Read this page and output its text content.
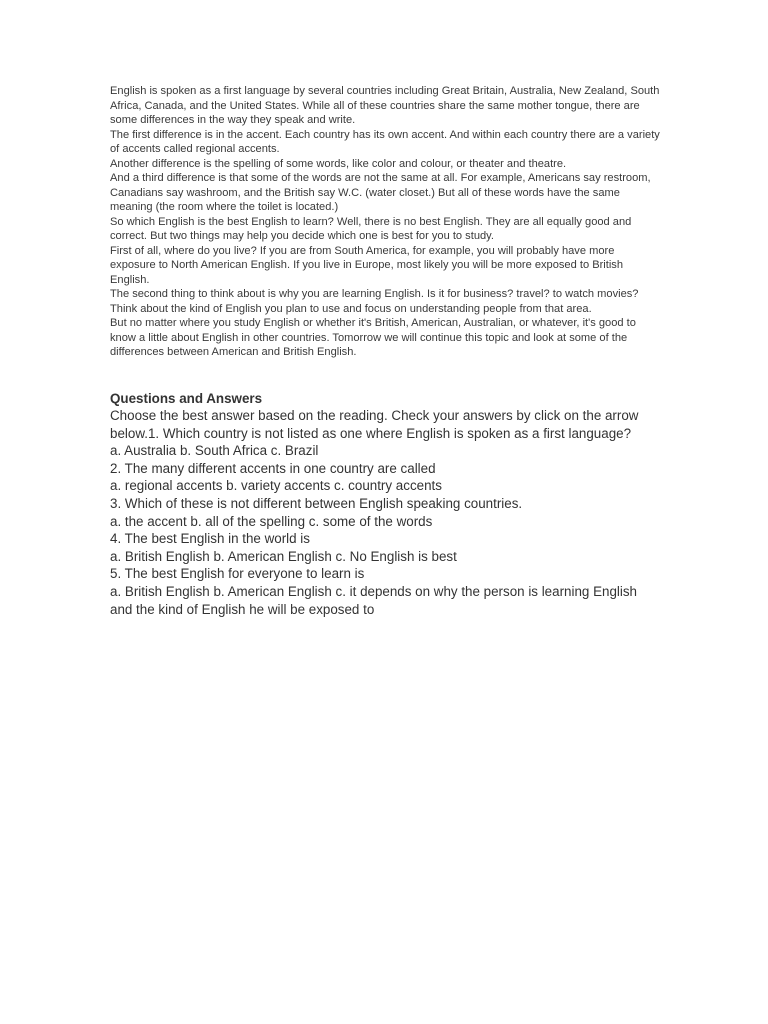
English is spoken as a first language by several countries including Great Britain, Australia, New Zealand, South Africa, Canada, and the United States. While all of these countries share the same mother tongue, there are some differences in the way they speak and write.

The first difference is in the accent. Each country has its own accent. And within each country there are a variety of accents called regional accents.

Another difference is the spelling of some words, like color and colour, or theater and theatre.

And a third difference is that some of the words are not the same at all. For example, Americans say restroom, Canadians say washroom, and the British say W.C. (water closet.) But all of these words have the same meaning (the room where the toilet is located.)

So which English is the best English to learn? Well, there is no best English. They are all equally good and correct. But two things may help you decide which one is best for you to study.

First of all, where do you live? If you are from South America, for example, you will probably have more exposure to North American English. If you live in Europe, most likely you will be more exposed to British English.

The second thing to think about is why you are learning English. Is it for business? travel? to watch movies? Think about the kind of English you plan to use and focus on understanding people from that area.

But no matter where you study English or whether it's British, American, Australian, or whatever, it's good to know a little about English in other countries. Tomorrow we will continue this topic and look at some of the differences between American and British English.

Questions and Answers

Choose the best answer based on the reading. Check your answers by click on the arrow below.1. Which country is not listed as one where English is spoken as a first language?

a. Australia b. South Africa c. Brazil

2. The many different accents in one country are called

a. regional accents b. variety accents c. country accents

3. Which of these is not different between English speaking countries.

a. the accent b. all of the spelling c. some of the words

4. The best English in the world is

a. British English b. American English c. No English is best

5. The best English for everyone to learn is

a. British English b. American English c. it depends on why the person is learning English and the kind of English he will be exposed to
